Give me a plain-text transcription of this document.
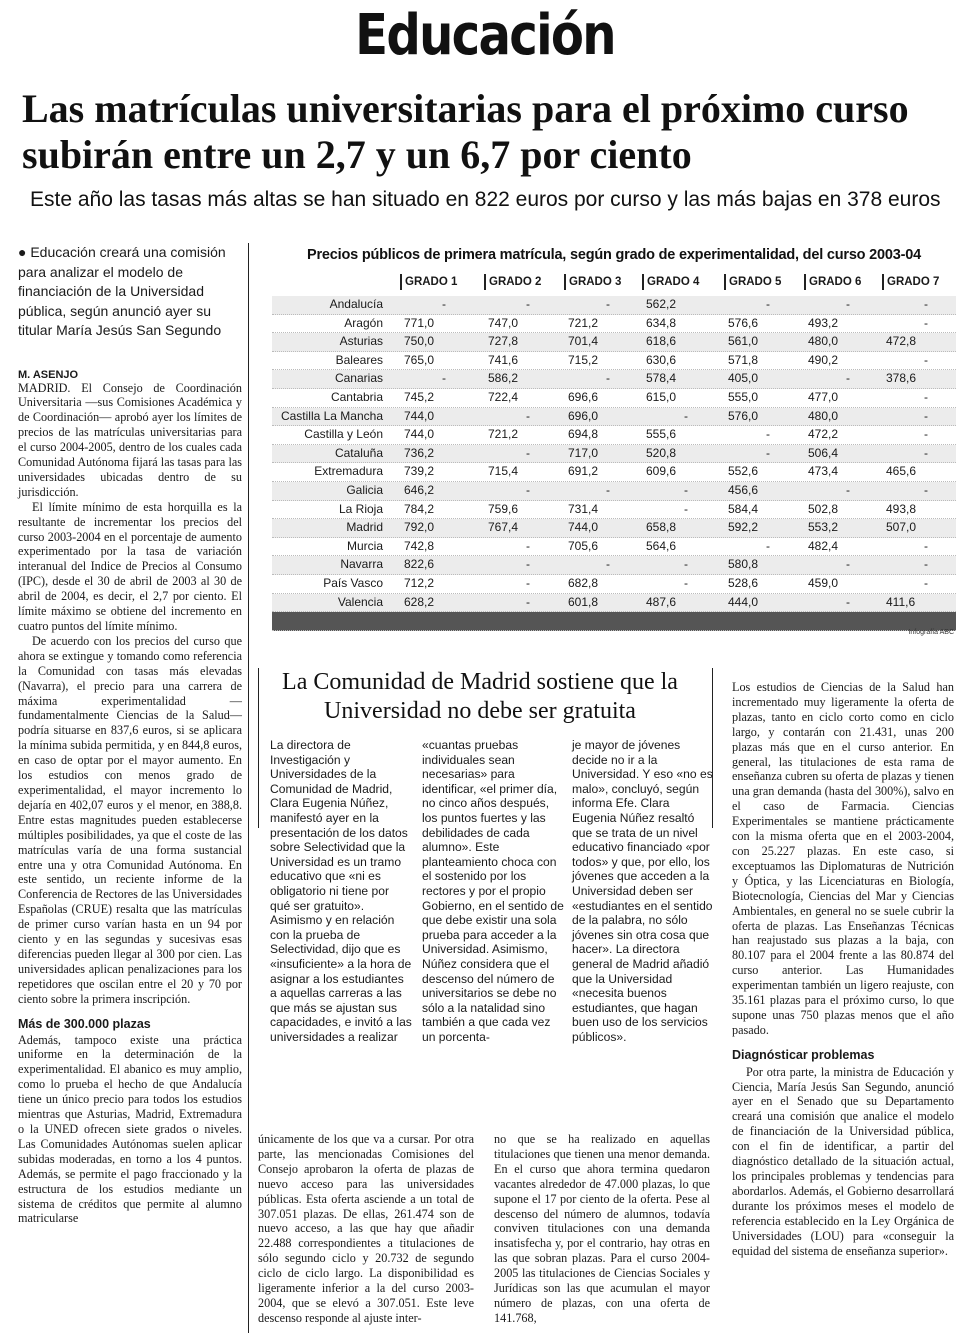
Educación
Las matrículas universitarias para el próximo curso subirán entre un 2,7 y un 6,7 por ciento
Este año las tasas más altas se han situado en 822 euros por curso y las más bajas en 378 euros
● Educación creará una comisión para analizar el modelo de financiación de la Universidad pública, según anunció ayer su titular María Jesús San Segundo
M. ASENJO

MADRID. El Consejo de Coordinación Universitaria —sus Comisiones Académica y de Coordinación— aprobó ayer los límites de precios de las matrículas universitarias para el curso 2004-2005, dentro de los cuales cada Comunidad Autónoma fijará las tasas para las universidades ubicadas dentro de su jurisdicción.

El límite mínimo de esta horquilla es la resultante de incrementar los precios del curso 2003-2004 en el porcentaje de aumento experimentado por la tasa de variación interanual del Indice de Precios al Consumo (IPC), desde el 30 de abril de 2003 al 30 de abril de 2004, es decir, el 2,7 por ciento. El límite máximo se obtiene del incremento en cuatro puntos del límite mínimo.

De acuerdo con los precios del curso que ahora se extingue y tomando como referencia la Comunidad con tasas más elevadas (Navarra), el precio para una carrera de máxima experimentalidad —fundamentalmente Ciencias de la Salud— podría situarse en 837,6 euros, si se aplicara la mínima subida permitida, y en 844,8 euros, en caso de optar por el mayor aumento. En los estudios con menos grado de experimentalidad, el mayor incremento lo dejaría en 402,07 euros y el menor, en 388,8. Entre estas magnitudes pueden establecerse múltiples posibilidades, ya que el coste de las matrículas varía de una forma sustancial entre una y otra Comunidad Autónoma. En este sentido, un reciente informe de la Conferencia de Rectores de las Universidades Españolas (CRUE) resalta que las matrículas de primer curso varían hasta en un 94 por ciento y en las segundas y sucesivas esas diferencias pueden llegar al 300 por cien. Las universidades aplican penalizaciones para los repetidores que oscilan entre el 20 y 70 por ciento sobre la primera inscripción.

Más de 300.000 plazas

Además, tampoco existe una práctica uniforme en la determinación de la experimentalidad. El abanico es muy amplio, como lo prueba el hecho de que Andalucía tiene un único precio para todos los estudios mientras que Asturias, Madrid, Extremadura o la UNED ofrecen siete grados o niveles. Las Comunidades Autónomas suelen aplicar subidas moderadas, en torno a los 4 puntos. Además, se permite el pago fraccionado y la estructura de los estudios mediante un sistema de créditos que permite al alumno matricularse

Precios públicos de primera matrícula, según grado de experimentalidad, del curso 2003-04
GRADO 1	GRADO 2	GRADO 3	GRADO 4	GRADO 5	GRADO 6	GRADO 7
Andalucía	-	-	-	562,2	-	-	-
Aragón	771,0	747,0	721,2	634,8	576,6	493,2	-
Asturias	750,0	727,8	701,4	618,6	561,0	480,0	472,8
Baleares	765,0	741,6	715,2	630,6	571,8	490,2	-
Canarias	-	586,2	-	578,4	405,0	-	378,6
Cantabria	745,2	722,4	696,6	615,0	555,0	477,0	-
Castilla La Mancha	744,0	-	696,0	-	576,0	480,0	-
Castilla y León	744,0	721,2	694,8	555,6	-	472,2	-
Cataluña	736,2	-	717,0	520,8	-	506,4	-
Extremadura	739,2	715,4	691,2	609,6	552,6	473,4	465,6
Galicia	646,2	-	-	-	456,6	-	-
La Rioja	784,2	759,6	731,4	-	584,4	502,8	493,8
Madrid	792,0	767,4	744,0	658,8	592,2	553,2	507,0
Murcia	742,8	-	705,6	564,6	-	482,4	-
Navarra	822,6	-	-	-	580,8	-	-
País Vasco	712,2	-	682,8	-	528,6	459,0	-
Valencia	628,2	-	601,8	487,6	444,0	-	411,6
Infografía ABC
La Comunidad de Madrid sostiene que la Universidad no debe ser gratuita

La directora de Investigación y Universidades de la Comunidad de Madrid, Clara Eugenia Núñez, manifestó ayer en la presentación de los datos sobre Selectividad que la Universidad es un tramo educativo que «ni es obligatorio ni tiene por qué ser gratuito». Asimismo y en relación con la prueba de Selectividad, dijo que es «insuficiente» a la hora de asignar a los estudiantes a aquellas carreras a las que más se ajustan sus capacidades, e invitó a las universidades a realizar

«cuantas pruebas individuales sean necesarias» para identificar, «el primer día, no cinco años después, los puntos fuertes y las debilidades de cada alumno». Este planteamiento choca con el sostenido por los rectores y por el propio Gobierno, en el sentido de que debe existir una sola prueba para acceder a la Universidad. Asimismo, Núñez considera que el descenso del número de universitarios se debe no sólo a la natalidad sino también a que cada vez un porcenta-

je mayor de jóvenes decide no ir a la Universidad. Y eso «no es malo», concluyó, según informa Efe. Clara Eugenia Núñez resaltó que se trata de un nivel educativo financiado «por todos» y que, por ello, los jóvenes que acceden a la Universidad deben ser «estudiantes en el sentido de la palabra, no sólo jóvenes sin otra cosa que hacer». La directora general de Madrid añadió que la Universidad «necesita buenos estudiantes, que hagan buen uso de los servicios públicos».

únicamente de los que va a cursar. Por otra parte, las mencionadas Comisiones del Consejo aprobaron la oferta de plazas de nuevo acceso para las universidades públicas. Esta oferta asciende a un total de 307.051 plazas. De ellas, 261.474 son de nuevo acceso, a las que hay que añadir 22.488 correspondientes a titulaciones de sólo segundo ciclo y 20.732 de segundo ciclo de ciclo largo. La disponibilidad es ligeramente inferior a la del curso 2003-2004, que se elevó a 307.051. Este leve descenso responde al ajuste inter-

no que se ha realizado en aquellas titulaciones que tienen una menor demanda. En el curso que ahora termina quedaron vacantes alrededor de 47.000 plazas, lo que supone el 17 por ciento de la oferta. Pese al descenso del número de alumnos, todavía conviven titulaciones con una demanda insatisfecha y, por el contrario, hay otras en las que sobran plazas. Para el curso 2004-2005 las titulaciones de Ciencias Sociales y Jurídicas son las que acumulan el mayor número de plazas, con una oferta de 141.768,

Los estudios de Ciencias de la Salud han incrementado muy ligeramente la oferta de plazas, tanto en ciclo corto como en ciclo largo, y contarán con 21.431, unas 200 plazas más que en el curso anterior. En general, las titulaciones de esta rama de enseñanza cubren su oferta de plazas y tienen una gran demanda (hasta del 300%), salvo en el caso de Farmacia. Ciencias Experimentales se mantiene prácticamente con la misma oferta que en el 2003-2004, con 25.227 plazas. En este caso, si exceptuamos las Diplomaturas de Nutrición y Óptica, y las Licenciaturas en Biología, Biotecnología, Ciencias del Mar y Ciencias Ambientales, en general no se suele cubrir la oferta de plazas. Las Enseñanzas Técnicas han reajustado sus plazas a la baja, con 80.107 para el 2004 frente a las 80.874 del curso anterior. Las Humanidades experimentan también un ligero reajuste, con 35.161 plazas para el próximo curso, lo que supone unas 750 plazas menos que el año pasado.

Diagnósticar problemas

Por otra parte, la ministra de Educación y Ciencia, María Jesús San Segundo, anunció ayer en el Senado que su Departamento creará una comisión que analice el modelo de financiación de la Universidad pública, con el fin de identificar, a partir del diagnóstico detallado de la situación actual, los principales problemas y tendencias para abordarlos. Además, el Gobierno desarrollará durante los próximos meses el modelo de referencia establecido en la Ley Orgánica de Universidades (LOU) para «conseguir la equidad del sistema de enseñanza superior».
